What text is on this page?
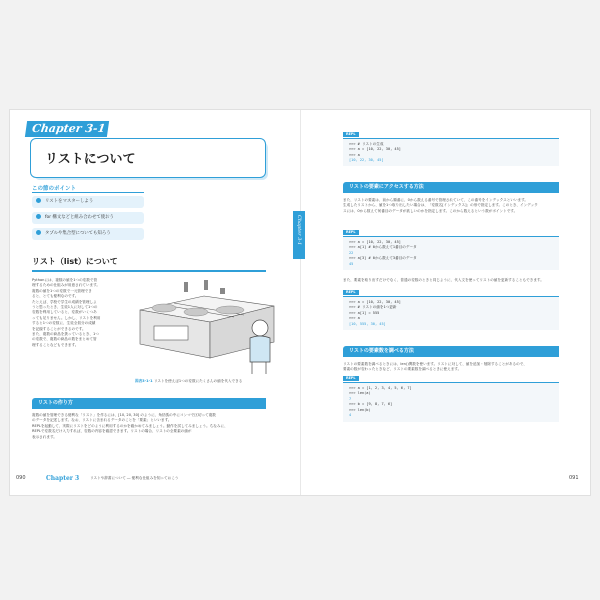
Chapter 3-1
リストについて
この節のポイント
リストをマスターしよう
for 構文などと組み合わせて使おう
タプルや集合型についても知ろう
リスト（list）について
Pythonには、複数の値を1つの変数で管
理するための仕組みが用意されています。
複数の値を1つの変数で一元管理でき
ると、とても便利なのです。
たとえば、学校で学生の成績を管理しよ
うと思ったとき、生徒1人に対して1つの
変数を利用していると、変数がいくつあ
っても足りません。しかし、リストを利用
すると1つの変数に、生徒全員分の成績
を記録することができるのです。
また、複数の商品を扱っているとき、1つ
の変数で、複数の商品の数をまとめて管
理することなどもできます。
図表3-1-1 リストを使えば1つの変数にたくさんの値を代入できる
リストの作り方
複数の値を管理できる便利な「リスト」を作るには、[10, 20, 30] のように、角括弧の中にコンマで区切って複数
のデータを記述します。なお、リストに含まれるデータのことを「要素」といいます。
REPLを起動して、実際にリストをどのように利用するのかを確かめてみましょう。動作を試してみましょう。ちなみに、
REPLで変数名だけ入力すれば、変数の内容を確認できます。リストの場合、リストの全要素の値が
表示されます。
090	Chapter 3	リストや辞書について ― 便利な仕組みを知っておこう
REPL
>>> # リストの生成
>>> a = [10, 22, 30, 45]
>>> a
[10, 22, 30, 45]
リストの要素にアクセスする方法
また、リストの要素は、前から順番に、0から数える番号で管理されていて、この番号をインデックスといいます。
生成したリストから、値を1つ取り出したい場合は、「変数名[インデックス]」の形で指定します。このとき、インデック
スには、0から数えて何番目のデータが欲しいのかを指定します。このから数えるという数がポイントです。
REPL
>>> a = [10, 22, 30, 45]
>>> a[1] # 0から数えて1番目のデータ
22
>>> a[3] # 0から数えて3番目のデータ
45
また、要素を取り出すだけでなく、普通の変数のときと同じように、代入文を使ってリストの値を更新することもできます。
REPL
>>> a = [10, 22, 30, 45]
>>> # リストの値を1つ更新
>>> a[1] = 555
>>> a
[10, 555, 30, 45]
リストの要素数を調べる方法
リストの要素数を調べるときには、len()関数を使います。リストに対して、値を追加・削除することがあるので、
要素の数が変わったときなど、リストの要素数を調べるときに使えます。
REPL
>>> a = [1, 2, 3, 4, 5, 6, 7]
>>> len(a)
7
>>> b = [9, 8, 7, 6]
>>> len(b)
4
091
Chapter 3-1
